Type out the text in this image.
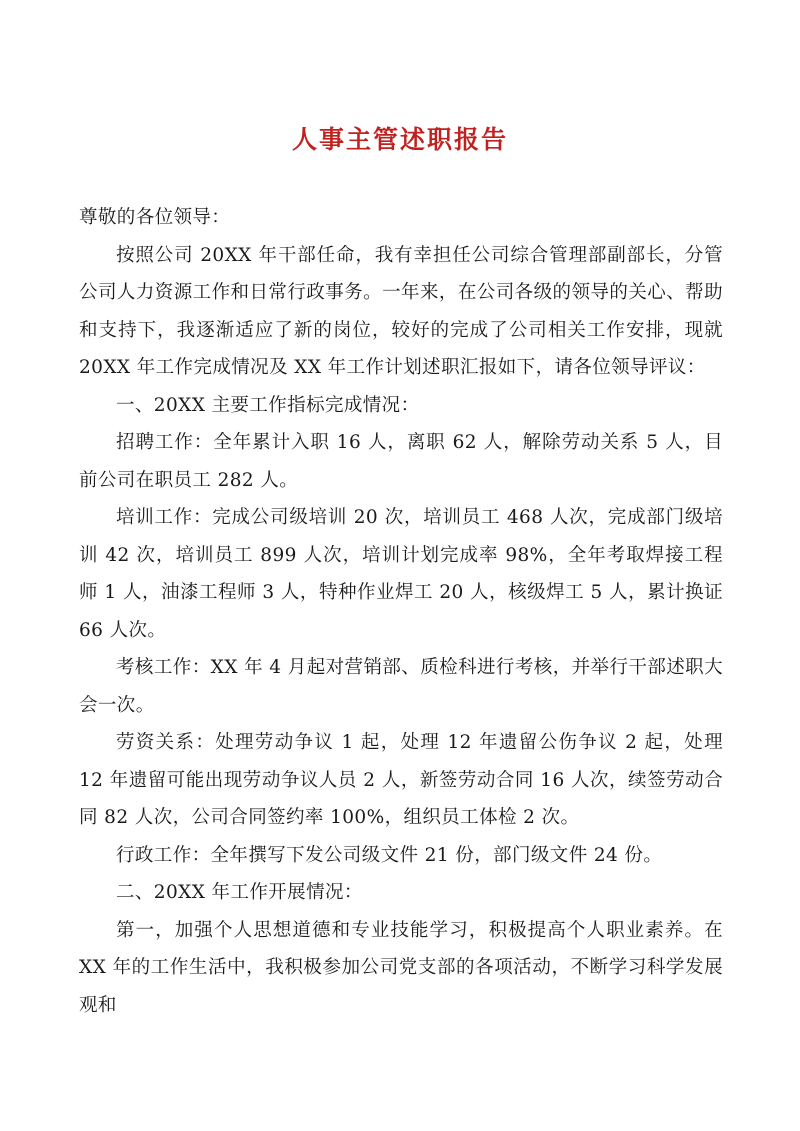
人事主管述职报告

尊敬的各位领导：

按照公司 20XX 年干部任命，我有幸担任公司综合管理部副部长，分管公司人力资源工作和日常行政事务。一年来，在公司各级的领导的关心、帮助和支持下，我逐渐适应了新的岗位，较好的完成了公司相关工作安排，现就 20XX 年工作完成情况及 XX 年工作计划述职汇报如下，请各位领导评议：

一、20XX 主要工作指标完成情况：

招聘工作：全年累计入职 16 人，离职 62 人，解除劳动关系 5 人，目前公司在职员工 282 人。

培训工作：完成公司级培训 20 次，培训员工 468 人次，完成部门级培训 42 次，培训员工 899 人次，培训计划完成率 98%，全年考取焊接工程师 1 人，油漆工程师 3 人，特种作业焊工 20 人，核级焊工 5 人，累计换证 66 人次。

考核工作：XX 年 4 月起对营销部、质检科进行考核，并举行干部述职大会一次。

劳资关系：处理劳动争议 1 起，处理 12 年遗留公伤争议 2 起，处理 12 年遗留可能出现劳动争议人员 2 人，新签劳动合同 16 人次，续签劳动合同 82 人次，公司合同签约率 100%，组织员工体检 2 次。

行政工作：全年撰写下发公司级文件 21 份，部门级文件 24 份。

二、20XX 年工作开展情况：

第一，加强个人思想道德和专业技能学习，积极提高个人职业素养。在 XX 年的工作生活中，我积极参加公司党支部的各项活动，不断学习科学发展观和
